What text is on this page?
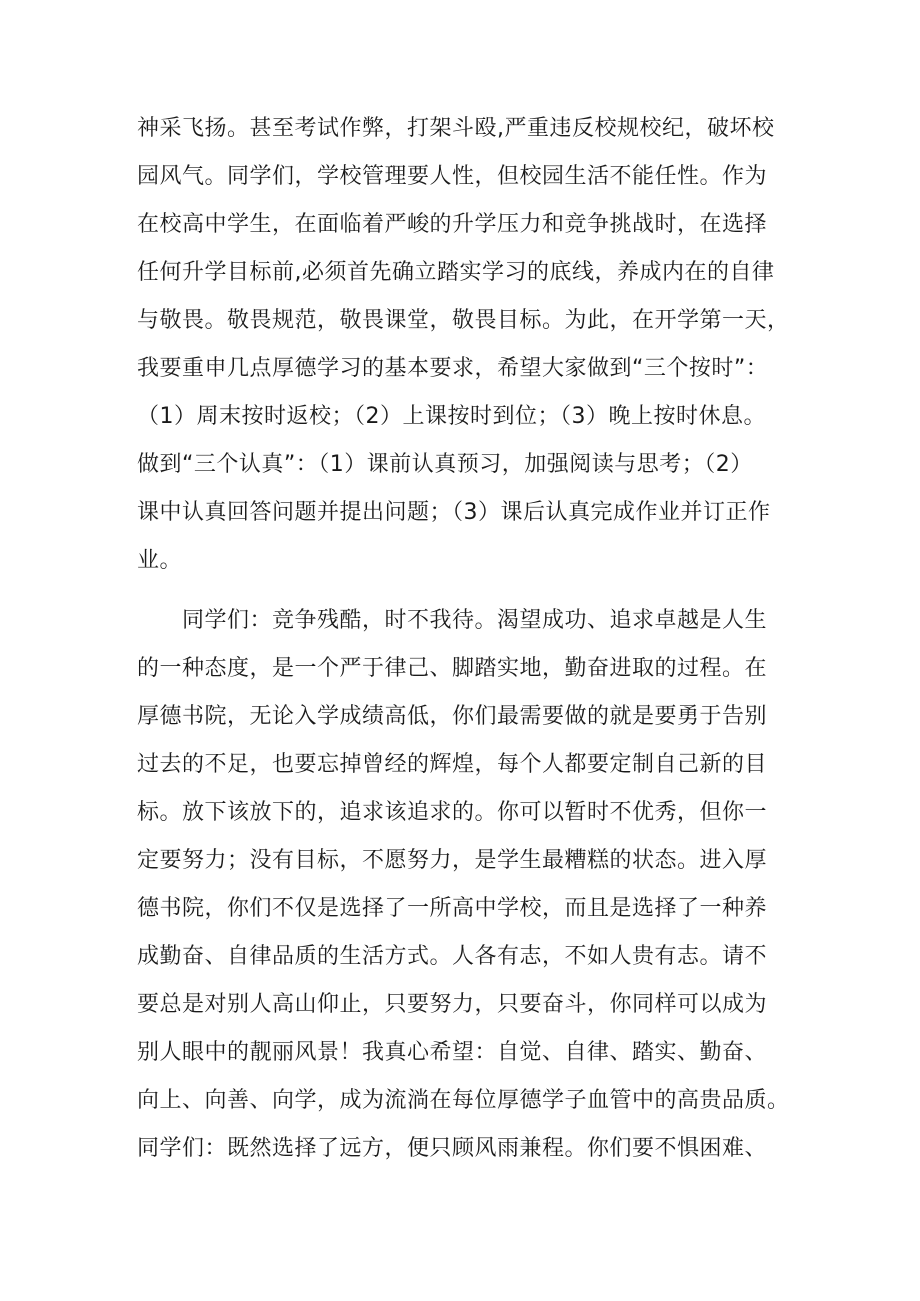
神采飞扬。甚至考试作弊，打架斗殴,严重违反校规校纪，破坏校
园风气。同学们，学校管理要人性，但校园生活不能任性。作为
在校高中学生，在面临着严峻的升学压力和竞争挑战时，在选择
任何升学目标前,必须首先确立踏实学习的底线，养成内在的自律
与敬畏。敬畏规范，敬畏课堂，敬畏目标。为此，在开学第一天，
我要重申几点厚德学习的基本要求，希望大家做到“三个按时”：
（1）周末按时返校；（2）上课按时到位；（3）晚上按时休息。
做到“三个认真”：（1）课前认真预习，加强阅读与思考；（2）
课中认真回答问题并提出问题；（3）课后认真完成作业并订正作
业。
同学们：竞争残酷，时不我待。渴望成功、追求卓越是人生
的一种态度，是一个严于律己、脚踏实地，勤奋进取的过程。在
厚德书院，无论入学成绩高低，你们最需要做的就是要勇于告别
过去的不足，也要忘掉曾经的辉煌，每个人都要定制自己新的目
标。放下该放下的，追求该追求的。你可以暂时不优秀，但你一
定要努力；没有目标，不愿努力，是学生最糟糕的状态。进入厚
德书院，你们不仅是选择了一所高中学校，而且是选择了一种养
成勤奋、自律品质的生活方式。人各有志，不如人贵有志。请不
要总是对别人高山仰止，只要努力，只要奋斗，你同样可以成为
别人眼中的靓丽风景！我真心希望：自觉、自律、踏实、勤奋、
向上、向善、向学，成为流淌在每位厚德学子血管中的高贵品质。
同学们：既然选择了远方，便只顾风雨兼程。你们要不惧困难、
